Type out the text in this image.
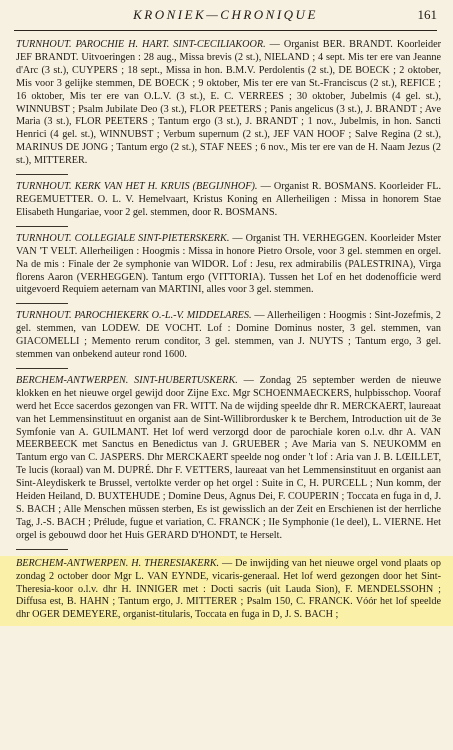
KRONIEK—CHRONIQUE	161

TURNHOUT. PAROCHIE H. HART. SINT-CECILIAKOOR. — Organist BER. BRANDT. Koorleider JEF BRANDT. Uitvoeringen : 28 aug., Missa brevis (2 st.), NIELAND ; 4 sept. Mis ter ere van Jeanne d'Arc (3 st.), CUYPERS ; 18 sept., Missa in hon. B.M.V. Perdolentis (2 st.), DE BOECK ; 2 oktober, Mis voor 3 gelijke stemmen, DE BOECK ; 9 oktober, Mis ter ere van St.-Franciscus (2 st.), REFICE ; 16 oktober, Mis ter ere van O.L.V. (3 st.), E. C. VERREES ; 30 oktober, Jubelmis (4 gel. st.), WINNUBST ; Psalm Jubilate Deo (3 st.), FLOR PEETERS ; Panis angelicus (3 st.), J. BRANDT ; Ave Maria (3 st.), FLOR PEETERS ; Tantum ergo (3 st.), J. BRANDT ; 1 nov., Jubelmis, in hon. Sancti Henrici (4 gel. st.), WINNUBST ; Verbum supernum (2 st.), JEF VAN HOOF ; Salve Regina (2 st.), MARINUS DE JONG ; Tantum ergo (2 st.), STAF NEES ; 6 nov., Mis ter ere van de H. Naam Jezus (2 st.), MITTERER.

TURNHOUT. KERK VAN HET H. KRUIS (BEGIJNHOF). — Organist R. BOSMANS. Koorleider FL. REGEMUETTER. O. L. V. Hemelvaart, Kristus Koning en Allerheiligen : Missa in honorem Stae Elisabeth Hungariae, voor 2 gel. stemmen, door R. BOSMANS.

TURNHOUT. COLLEGIALE SINT-PIETERSKERK. — Organist TH. VERHEGGEN. Koorleider Mster VAN 'T VELT. Allerheiligen : Hoogmis : Missa in honore Pietro Orsole, voor 3 gel. stemmen en orgel. Na de mis : Finale der 2e symphonie van WIDOR. Lof : Jesu, rex admirabilis (PALESTRINA), Virga florens Aaron (VERHEGGEN). Tantum ergo (VITTORIA). Tussen het Lof en het dodenofficie werd uitgevoerd Requiem aeternam van MARTINI, alles voor 3 gel. stemmen.

TURNHOUT. PAROCHIEKERK O.-L.-V. MIDDELARES. — Allerheiligen : Hoogmis : Sint-Jozefmis, 2 gel. stemmen, van LODEW. DE VOCHT. Lof : Domine Dominus noster, 3 gel. stemmen, van GIACOMELLI ; Memento rerum conditor, 3 gel. stemmen, van J. NUYTS ; Tantum ergo, 3 gel. stemmen van onbekend auteur rond 1600.

BERCHEM-ANTWERPEN. SINT-HUBERTUSKERK. — Zondag 25 september werden de nieuwe klokken en het nieuwe orgel gewijd door Zijne Exc. Mgr SCHOENMAECKERS, hulpbisschop. Vooraf werd het Ecce sacerdos gezongen van FR. WITT. Na de wijding speelde dhr R. MERCKAERT, laureaat van het Lemmensinstituut en organist aan de Sint-Willibrordusker k te Berchem, Introduction uit de 3e Symfonie van A. GUILMANT. Het lof werd verzorgd door de parochiale koren o.l.v. dhr A. VAN MEERBEECK met Sanctus en Benedictus van J. GRUEBER ; Ave Maria van S. NEUKOMM en Tantum ergo van C. JASPERS. Dhr MERCKAERT speelde nog onder 't lof : Aria van J. B. LŒILLET, Te lucis (koraal) van M. DUPRÉ. Dhr F. VETTERS, laureaat van het Lemmensinstituut en organist aan Sint-Aleydiskerk te Brussel, vertolkte verder op het orgel : Suite in C, H. PURCELL ; Nun komm, der Heiden Heiland, D. BUXTEHUDE ; Domine Deus, Agnus Dei, F. COUPERIN ; Toccata en fuga in d, J. S. BACH ; Alle Menschen müssen sterben, Es ist gewisslich an der Zeit en Erschienen ist der herrliche Tag, J.-S. BACH ; Prélude, fugue et variation, C. FRANCK ; IIe Symphonie (1e deel), L. VIERNE. Het orgel is gebouwd door het Huis GERARD D'HONDT, te Herselt.

BERCHEM-ANTWERPEN. H. THERESIAKERK. — De inwijding van het nieuwe orgel vond plaats op zondag 2 october door Mgr L. VAN EYNDE, vicaris-generaal. Het lof werd gezongen door het Sint-Theresia-koor o.l.v. dhr H. INNIGER met : Docti sacris (uit Lauda Sion), F. MENDELSSOHN ; Diffusa est, B. HAHN ; Tantum ergo, J. MITTERER ; Psalm 150, C. FRANCK. Vóór het lof speelde dhr OGER DEMEYERE, organist-titularis, Toccata en fuga in D, J. S. BACH ;
